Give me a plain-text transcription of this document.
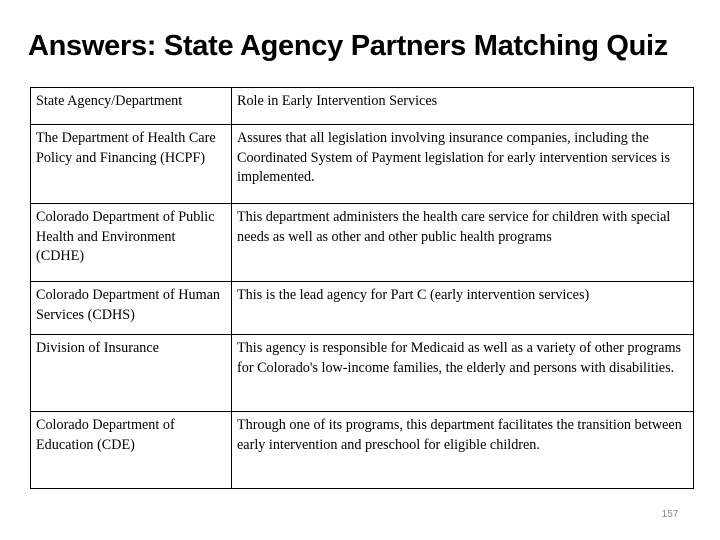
Answers: State Agency Partners Matching Quiz
State Agency/Department	Role in Early Intervention Services
The Department of Health Care Policy and Financing (HCPF)	Assures that all legislation involving insurance companies, including the Coordinated System of Payment legislation for early intervention services is implemented.
Colorado Department of Public Health and Environment (CDHE)	This department administers the health care service for children with special needs as well as other and other public health programs
Colorado Department of Human Services (CDHS)	This is the lead agency for Part C (early intervention services)
Division of Insurance	This agency is responsible for Medicaid as well as a variety of other programs for Colorado's low-income families, the elderly and persons with disabilities.
Colorado Department of Education (CDE)	Through one of its programs, this department facilitates the transition between early intervention and preschool for eligible children.
157
